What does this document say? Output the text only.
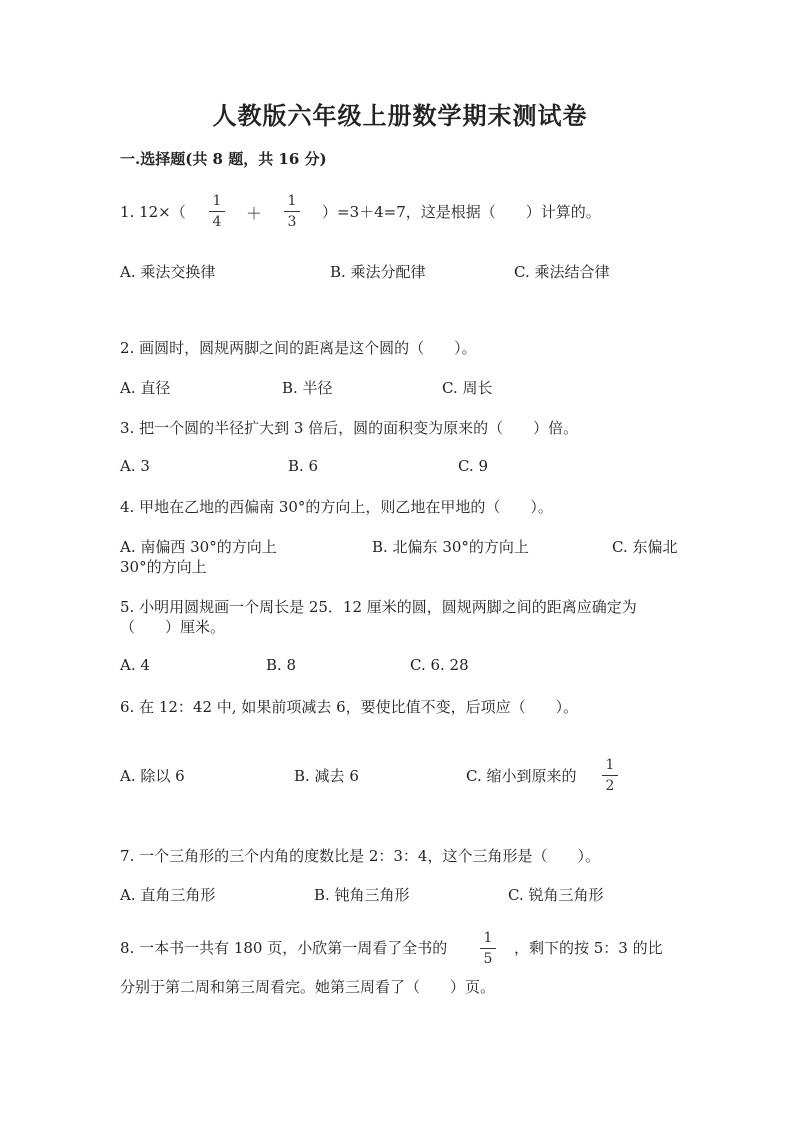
人教版六年级上册数学期末测试卷
一.选择题(共 8 题，共 16 分)
1. 12×（
1
4	＋
1
3
）=3＋4=7，这是根据（　　）计算的。
A. 乘法交换律	B. 乘法分配律	C. 乘法结合律
2. 画圆时，圆规两脚之间的距离是这个圆的（　　）。
A. 直径	B. 半径	C. 周长
3. 把一个圆的半径扩大到 3 倍后，圆的面积变为原来的（　　）倍。
A. 3	B. 6	C. 9
4. 甲地在乙地的西偏南 30°的方向上，则乙地在甲地的（　　）。
A. 南偏西 30°的方向上	B. 北偏东 30°的方向上	C. 东偏北
30°的方向上
5. 小明用圆规画一个周长是 25．12 厘米的圆，圆规两脚之间的距离应确定为
（　　）厘米。
A. 4	B. 8	C. 6. 28
6. 在 12：42 中, 如果前项减去 6，要使比值不变，后项应（　　）。
A. 除以 6	B. 减去 6	C. 缩小到原来的
1
2
7. 一个三角形的三个内角的度数比是 2：3：4，这个三角形是（　　）。
A. 直角三角形	B. 钝角三角形	C. 锐角三角形
8. 一本书一共有 180 页，小欣第一周看了全书的
1
5
，剩下的按 5：3 的比
分别于第二周和第三周看完。她第三周看了（　　）页。
